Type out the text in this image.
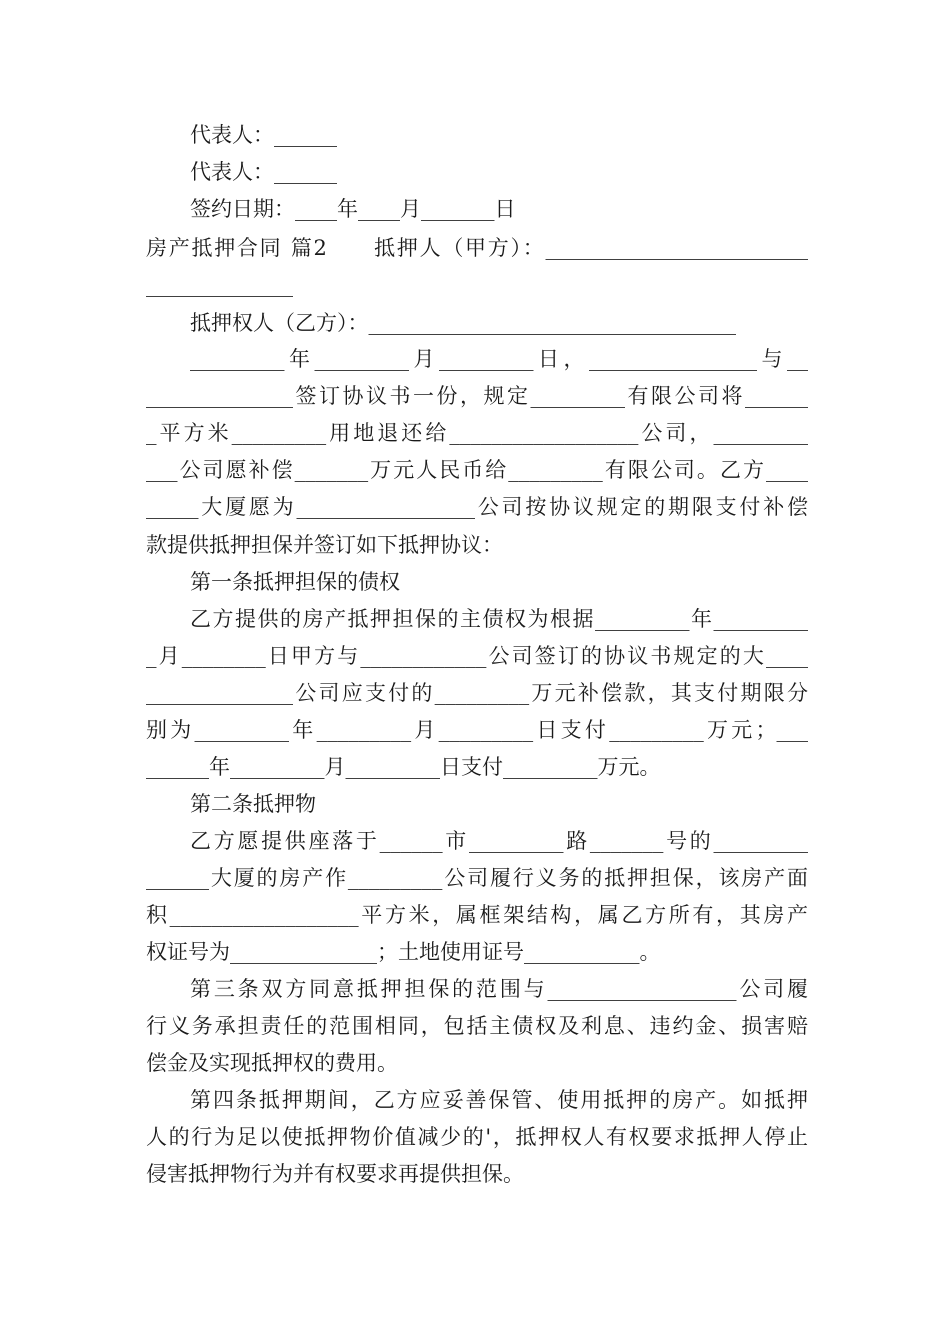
代表人：______
代表人：______
签约日期：____年____月_______日
房产抵押合同 篇2　　抵押人（甲方）：_________________________
______________
抵押权人（乙方）：___________________________________
_________年_________月_________日，________________与__
______________签订协议书一份，规定_________有限公司将______
_平方米_________用地退还给__________________公司，_________
___公司愿补偿_______万元人民币给_________有限公司。乙方____
_____大厦愿为_________________公司按协议规定的期限支付补偿
款提供抵押担保并签订如下抵押协议：
第一条抵押担保的债权
乙方提供的房产抵押担保的主债权为根据_________年_________
_月________日甲方与____________公司签订的协议书规定的大____
______________公司应支付的_________万元补偿款，其支付期限分
别为_________年_________月_________日支付_________万元；___
______年_________月_________日支付_________万元。
第二条抵押物
乙方愿提供座落于______市_________路_______号的_________
______大厦的房产作_________公司履行义务的抵押担保，该房产面
积__________________平方米，属框架结构，属乙方所有，其房产
权证号为______________；土地使用证号___________。
第三条双方同意抵押担保的范围与__________________公司履
行义务承担责任的范围相同，包括主债权及利息、违约金、损害赔
偿金及实现抵押权的费用。
第四条抵押期间，乙方应妥善保管、使用抵押的房产。如抵押
人的行为足以使抵押物价值减少的'，抵押权人有权要求抵押人停止
侵害抵押物行为并有权要求再提供担保。
